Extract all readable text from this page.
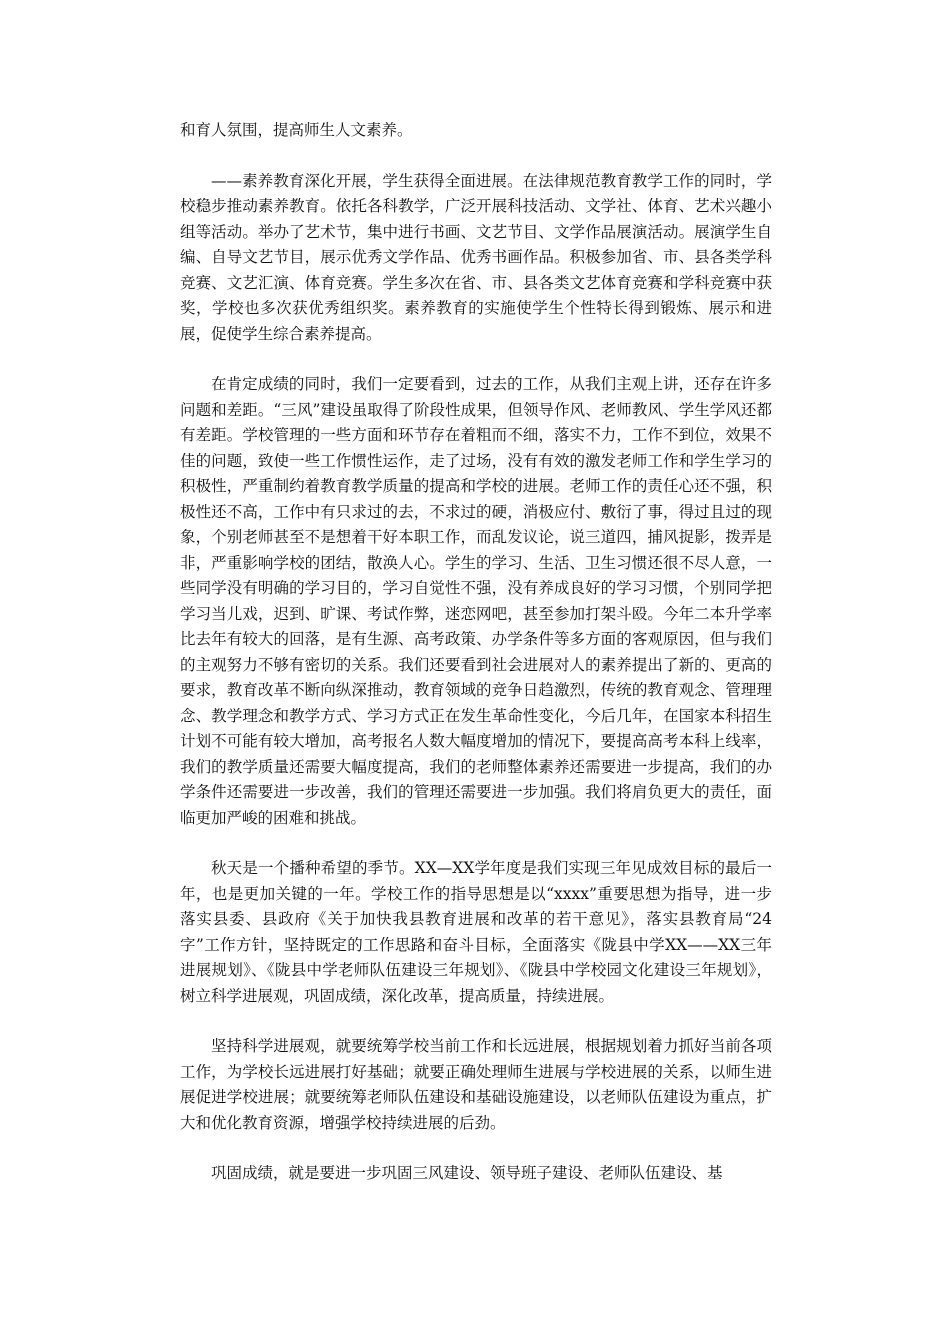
和育人氛围，提高师生人文素养。

——素养教育深化开展，学生获得全面进展。在法律规范教育教学工作的同时，学校稳步推动素养教育。依托各科教学，广泛开展科技活动、文学社、体育、艺术兴趣小组等活动。举办了艺术节，集中进行书画、文艺节目、文学作品展演活动。展演学生自编、自导文艺节目，展示优秀文学作品、优秀书画作品。积极参加省、市、县各类学科竞赛、文艺汇演、体育竞赛。学生多次在省、市、县各类文艺体育竞赛和学科竞赛中获奖，学校也多次获优秀组织奖。素养教育的实施使学生个性特长得到锻炼、展示和进展，促使学生综合素养提高。

在肯定成绩的同时，我们一定要看到，过去的工作，从我们主观上讲，还存在许多问题和差距。“三风”建设虽取得了阶段性成果，但领导作风、老师教风、学生学风还都有差距。学校管理的一些方面和环节存在着粗而不细，落实不力，工作不到位，效果不佳的问题，致使一些工作惯性运作，走了过场，没有有效的激发老师工作和学生学习的积极性，严重制约着教育教学质量的提高和学校的进展。老师工作的责任心还不强，积极性还不高，工作中有只求过的去，不求过的硬，消极应付、敷衍了事，得过且过的现象，个别老师甚至不是想着干好本职工作，而乱发议论，说三道四，捕风捉影，拨弄是非，严重影响学校的团结，散涣人心。学生的学习、生活、卫生习惯还很不尽人意，一些同学没有明确的学习目的，学习自觉性不强，没有养成良好的学习习惯，个别同学把学习当儿戏，迟到、旷课、考试作弊，迷恋网吧，甚至参加打架斗殴。今年二本升学率比去年有较大的回落，是有生源、高考政策、办学条件等多方面的客观原因，但与我们的主观努力不够有密切的关系。我们还要看到社会进展对人的素养提出了新的、更高的要求，教育改革不断向纵深推动，教育领域的竞争日趋激烈，传统的教育观念、管理理念、教学理念和教学方式、学习方式正在发生革命性变化，今后几年，在国家本科招生计划不可能有较大增加，高考报名人数大幅度增加的情况下，要提高高考本科上线率，我们的教学质量还需要大幅度提高，我们的老师整体素养还需要进一步提高，我们的办学条件还需要进一步改善，我们的管理还需要进一步加强。我们将肩负更大的责任，面临更加严峻的困难和挑战。

秋天是一个播种希望的季节。XX—XX学年度是我们实现三年见成效目标的最后一年，也是更加关键的一年。学校工作的指导思想是以“xxxx”重要思想为指导，进一步落实县委、县政府《关于加快我县教育进展和改革的若干意见》，落实县教育局“24字”工作方针，坚持既定的工作思路和奋斗目标，全面落实《陇县中学XX——XX三年进展规划》、《陇县中学老师队伍建设三年规划》、《陇县中学校园文化建设三年规划》，树立科学进展观，巩固成绩，深化改革，提高质量，持续进展。

坚持科学进展观，就要统筹学校当前工作和长远进展，根据规划着力抓好当前各项工作，为学校长远进展打好基础；就要正确处理师生进展与学校进展的关系，以师生进展促进学校进展；就要统筹老师队伍建设和基础设施建设，以老师队伍建设为重点，扩大和优化教育资源，增强学校持续进展的后劲。

巩固成绩，就是要进一步巩固三风建设、领导班子建设、老师队伍建设、基
